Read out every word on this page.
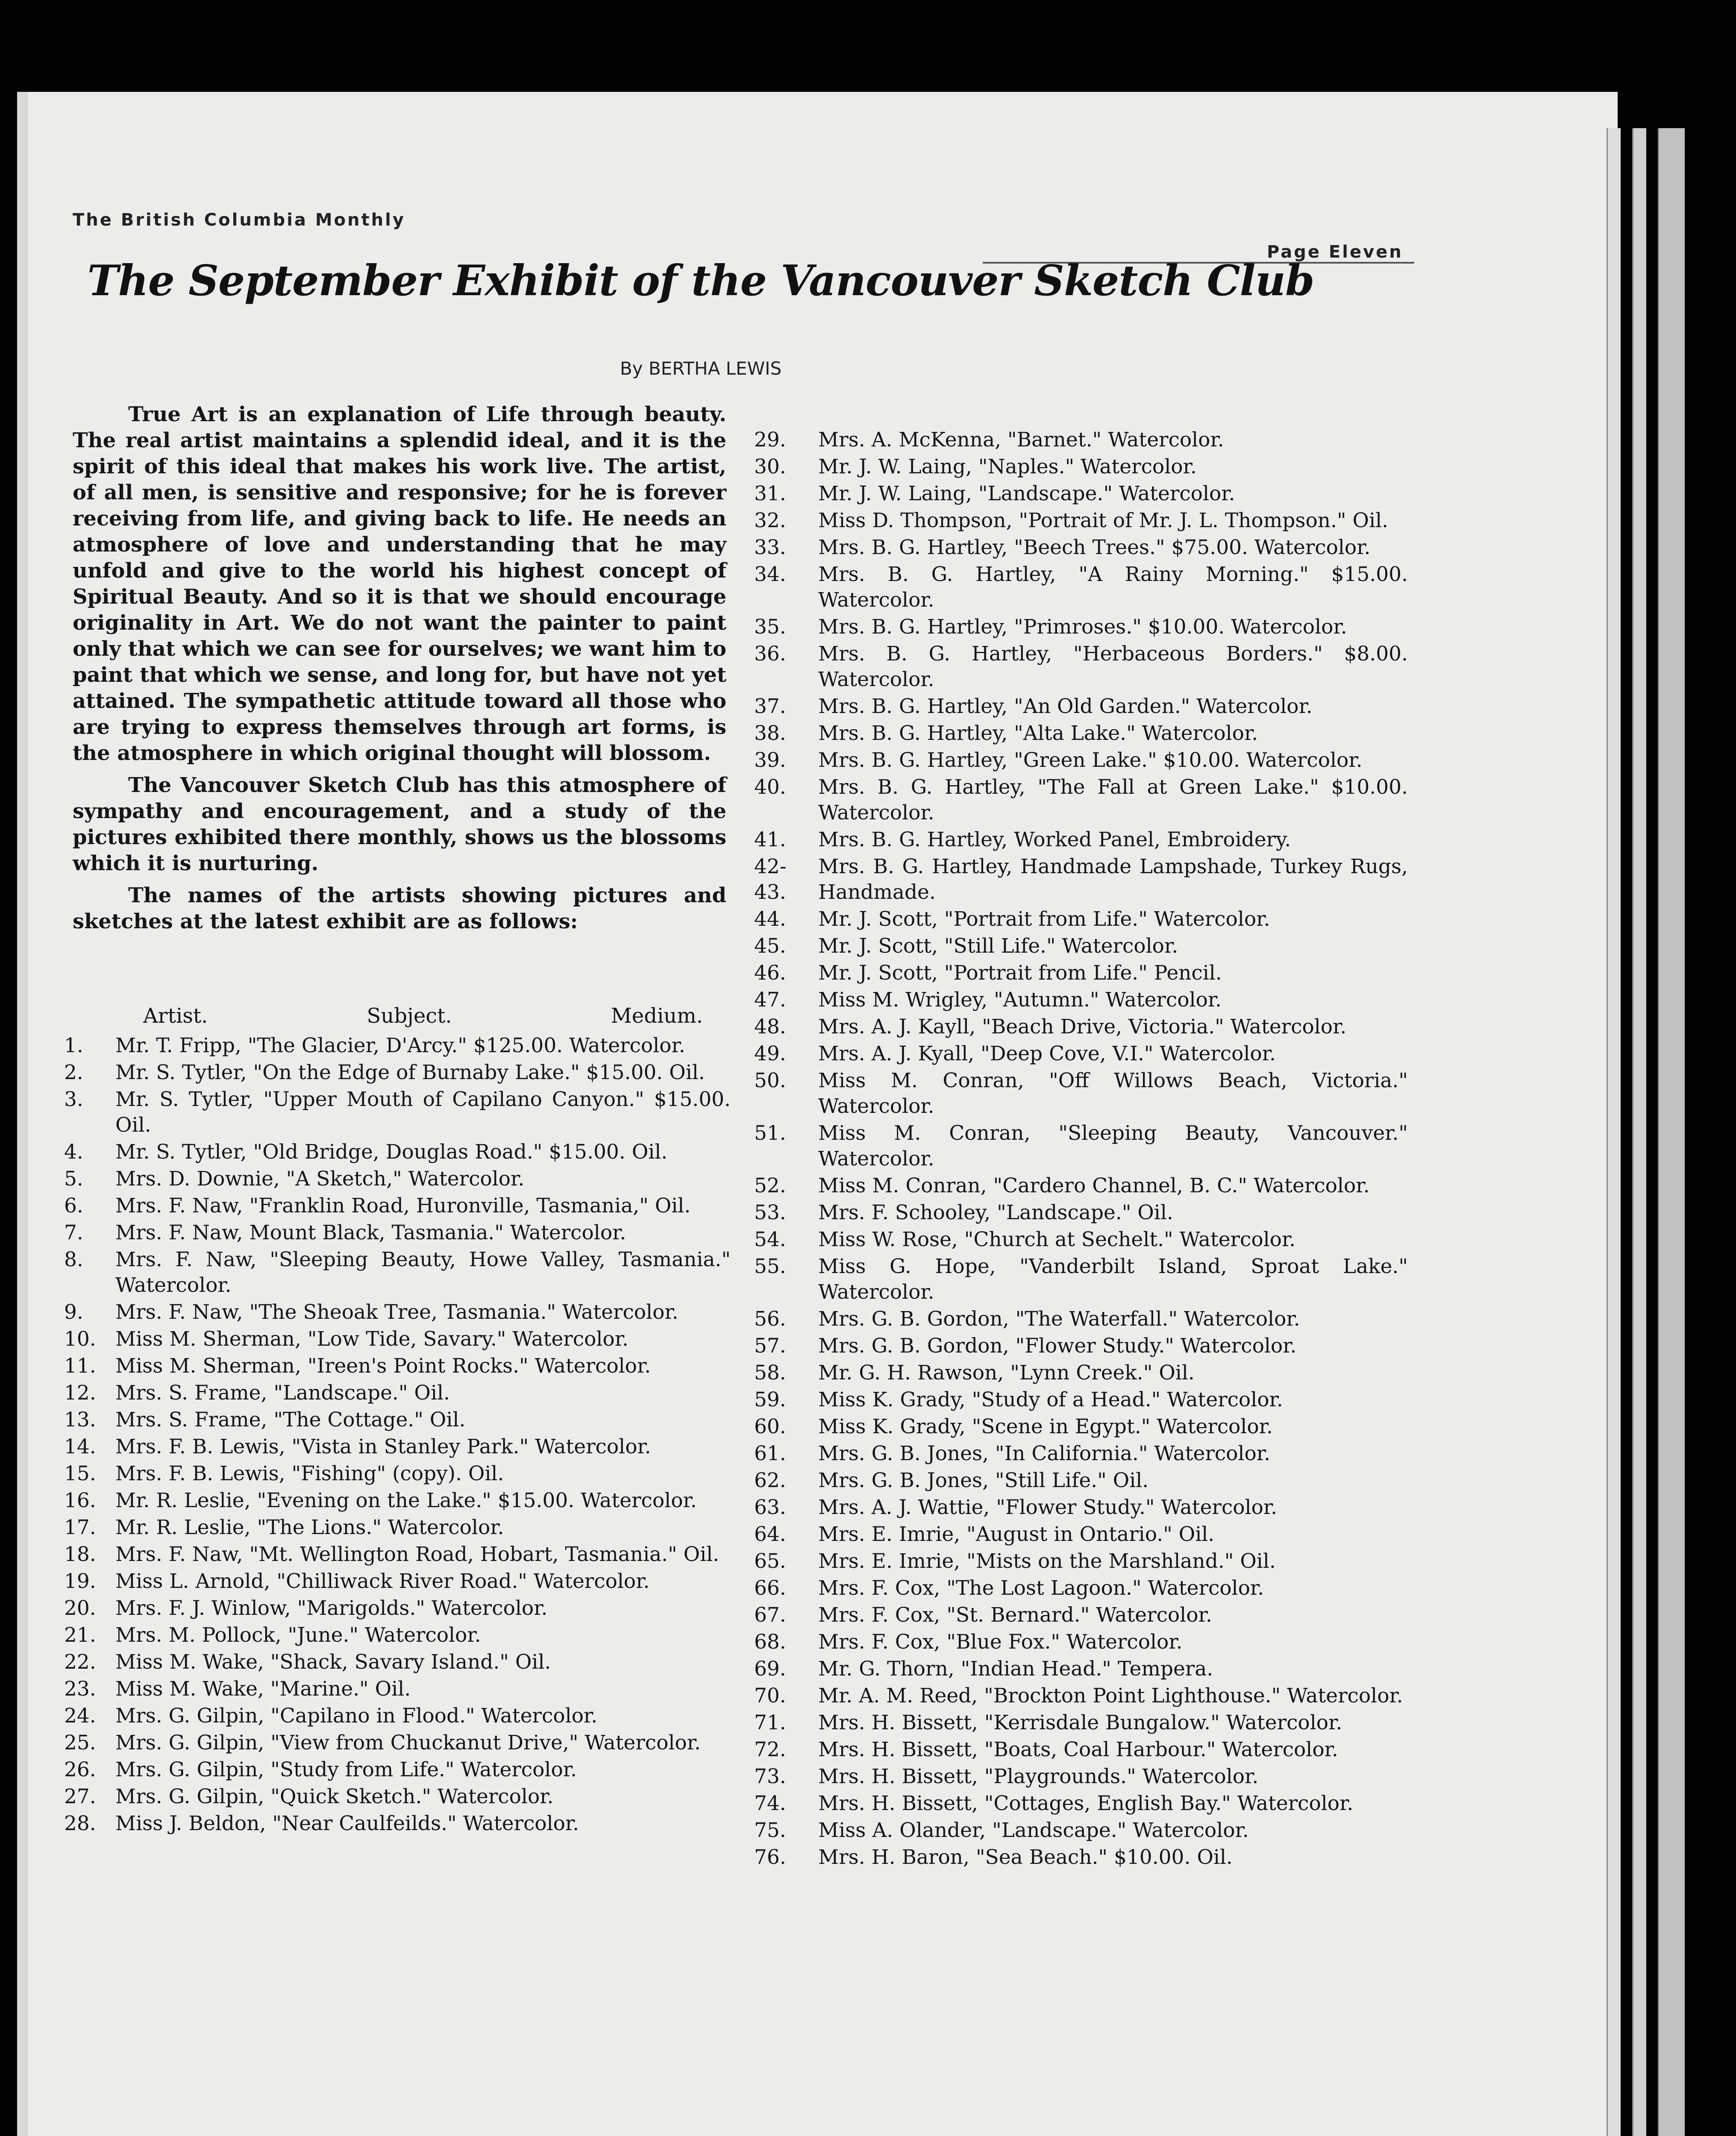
The British Columbia Monthly
Page Eleven
The September Exhibit of the Vancouver Sketch Club
By BERTHA LEWIS

True Art is an explanation of Life through beauty. The real artist maintains a splendid ideal, and it is the spirit of this ideal that makes his work live. The artist, of all men, is sensitive and responsive; for he is forever receiving from life, and giving back to life. He needs an atmosphere of love and understanding that he may unfold and give to the world his highest concept of Spiritual Beauty. And so it is that we should encourage originality in Art. We do not want the painter to paint only that which we can see for ourselves; we want him to paint that which we sense, and long for, but have not yet attained. The sympathetic attitude toward all those who are trying to express themselves through art forms, is the atmosphere in which original thought will blossom.

The Vancouver Sketch Club has this atmosphere of sympathy and encouragement, and a study of the pictures exhibited there monthly, shows us the blossoms which it is nurturing.

The names of the artists showing pictures and sketches at the latest exhibit are as follows:

Artist.	Subject.	Medium.
1.	Mr. T. Fripp, "The Glacier, D'Arcy." $125.00. Watercolor.
2.	Mr. S. Tytler, "On the Edge of Burnaby Lake." $15.00. Oil.
3.	Mr. S. Tytler, "Upper Mouth of Capilano Canyon." $15.00. Oil.
4.	Mr. S. Tytler, "Old Bridge, Douglas Road." $15.00. Oil.
5.	Mrs. D. Downie, "A Sketch," Watercolor.
6.	Mrs. F. Naw, "Franklin Road, Huronville, Tasmania," Oil.
7.	Mrs. F. Naw, Mount Black, Tasmania." Watercolor.
8.	Mrs. F. Naw, "Sleeping Beauty, Howe Valley, Tasmania." Watercolor.
9.	Mrs. F. Naw, "The Sheoak Tree, Tasmania." Watercolor.
10. Miss M. Sherman, "Low Tide, Savary." Watercolor.
11. Miss M. Sherman, "Ireen's Point Rocks." Watercolor.
12. Mrs. S. Frame, "Landscape." Oil.
13. Mrs. S. Frame, "The Cottage." Oil.
14. Mrs. F. B. Lewis, "Vista in Stanley Park." Watercolor.
15. Mrs. F. B. Lewis, "Fishing" (copy). Oil.
16. Mr. R. Leslie, "Evening on the Lake." $15.00. Watercolor.
17. Mr. R. Leslie, "The Lions." Watercolor.
18. Mrs. F. Naw, "Mt. Wellington Road, Hobart, Tasmania." Oil.
19. Miss L. Arnold, "Chilliwack River Road." Watercolor.
20. Mrs. F. J. Winlow, "Marigolds." Watercolor.
21. Mrs. M. Pollock, "June." Watercolor.
22. Miss M. Wake, "Shack, Savary Island." Oil.
23. Miss M. Wake, "Marine." Oil.
24. Mrs. G. Gilpin, "Capilano in Flood." Watercolor.
25. Mrs. G. Gilpin, "View from Chuckanut Drive," Watercolor.
26. Mrs. G. Gilpin, "Study from Life." Watercolor.
27. Mrs. G. Gilpin, "Quick Sketch." Watercolor.
28. Miss J. Beldon, "Near Caulfeilds." Watercolor.
29.	Mrs. A. McKenna, "Barnet." Watercolor.
30.	Mr. J. W. Laing, "Naples." Watercolor.
31.	Mr. J. W. Laing, "Landscape." Watercolor.
32.	Miss D. Thompson, "Portrait of Mr. J. L. Thompson." Oil.
33.	Mrs. B. G. Hartley, "Beech Trees." $75.00. Watercolor.
34.	Mrs. B. G. Hartley, "A Rainy Morning." $15.00. Watercolor.
35.	Mrs. B. G. Hartley, "Primroses." $10.00. Watercolor.
36.	Mrs. B. G. Hartley, "Herbaceous Borders." $8.00. Watercolor.
37.	Mrs. B. G. Hartley, "An Old Garden." Watercolor.
38.	Mrs. B. G. Hartley, "Alta Lake." Watercolor.
39.	Mrs. B. G. Hartley, "Green Lake." $10.00. Watercolor.
40.	Mrs. B. G. Hartley, "The Fall at Green Lake." $10.00. Watercolor.
41.	Mrs. B. G. Hartley, Worked Panel, Embroidery.
42-43.
Mrs. B. G. Hartley, Handmade Lampshade, Turkey Rugs, Handmade.
44.	Mr. J. Scott, "Portrait from Life." Watercolor.
45.	Mr. J. Scott, "Still Life." Watercolor.
46.	Mr. J. Scott, "Portrait from Life." Pencil.
47.	Miss M. Wrigley, "Autumn." Watercolor.
48.	Mrs. A. J. Kayll, "Beach Drive, Victoria." Watercolor.
49.	Mrs. A. J. Kyall, "Deep Cove, V.I." Watercolor.
50.	Miss M. Conran, "Off Willows Beach, Victoria." Watercolor.
51.	Miss M. Conran, "Sleeping Beauty, Vancouver." Watercolor.
52.	Miss M. Conran, "Cardero Channel, B. C." Watercolor.
53.	Mrs. F. Schooley, "Landscape." Oil.
54.	Miss W. Rose, "Church at Sechelt." Watercolor.
55.	Miss G. Hope, "Vanderbilt Island, Sproat Lake." Watercolor.
56.	Mrs. G. B. Gordon, "The Waterfall." Watercolor.
57.	Mrs. G. B. Gordon, "Flower Study." Watercolor.
58.	Mr. G. H. Rawson, "Lynn Creek." Oil.
59.	Miss K. Grady, "Study of a Head." Watercolor.
60.	Miss K. Grady, "Scene in Egypt." Watercolor.
61.	Mrs. G. B. Jones, "In California." Watercolor.
62.	Mrs. G. B. Jones, "Still Life." Oil.
63.	Mrs. A. J. Wattie, "Flower Study." Watercolor.
64.	Mrs. E. Imrie, "August in Ontario." Oil.
65.	Mrs. E. Imrie, "Mists on the Marshland." Oil.
66.	Mrs. F. Cox, "The Lost Lagoon." Watercolor.
67.	Mrs. F. Cox, "St. Bernard." Watercolor.
68.	Mrs. F. Cox, "Blue Fox." Watercolor.
69.	Mr. G. Thorn, "Indian Head." Tempera.
70.	Mr. A. M. Reed, "Brockton Point Lighthouse." Watercolor.
71.	Mrs. H. Bissett, "Kerrisdale Bungalow." Watercolor.
72.	Mrs. H. Bissett, "Boats, Coal Harbour." Watercolor.
73.	Mrs. H. Bissett, "Playgrounds." Watercolor.
74.	Mrs. H. Bissett, "Cottages, English Bay." Watercolor.
75.	Miss A. Olander, "Landscape." Watercolor.
76.	Mrs. H. Baron, "Sea Beach." $10.00. Oil.
